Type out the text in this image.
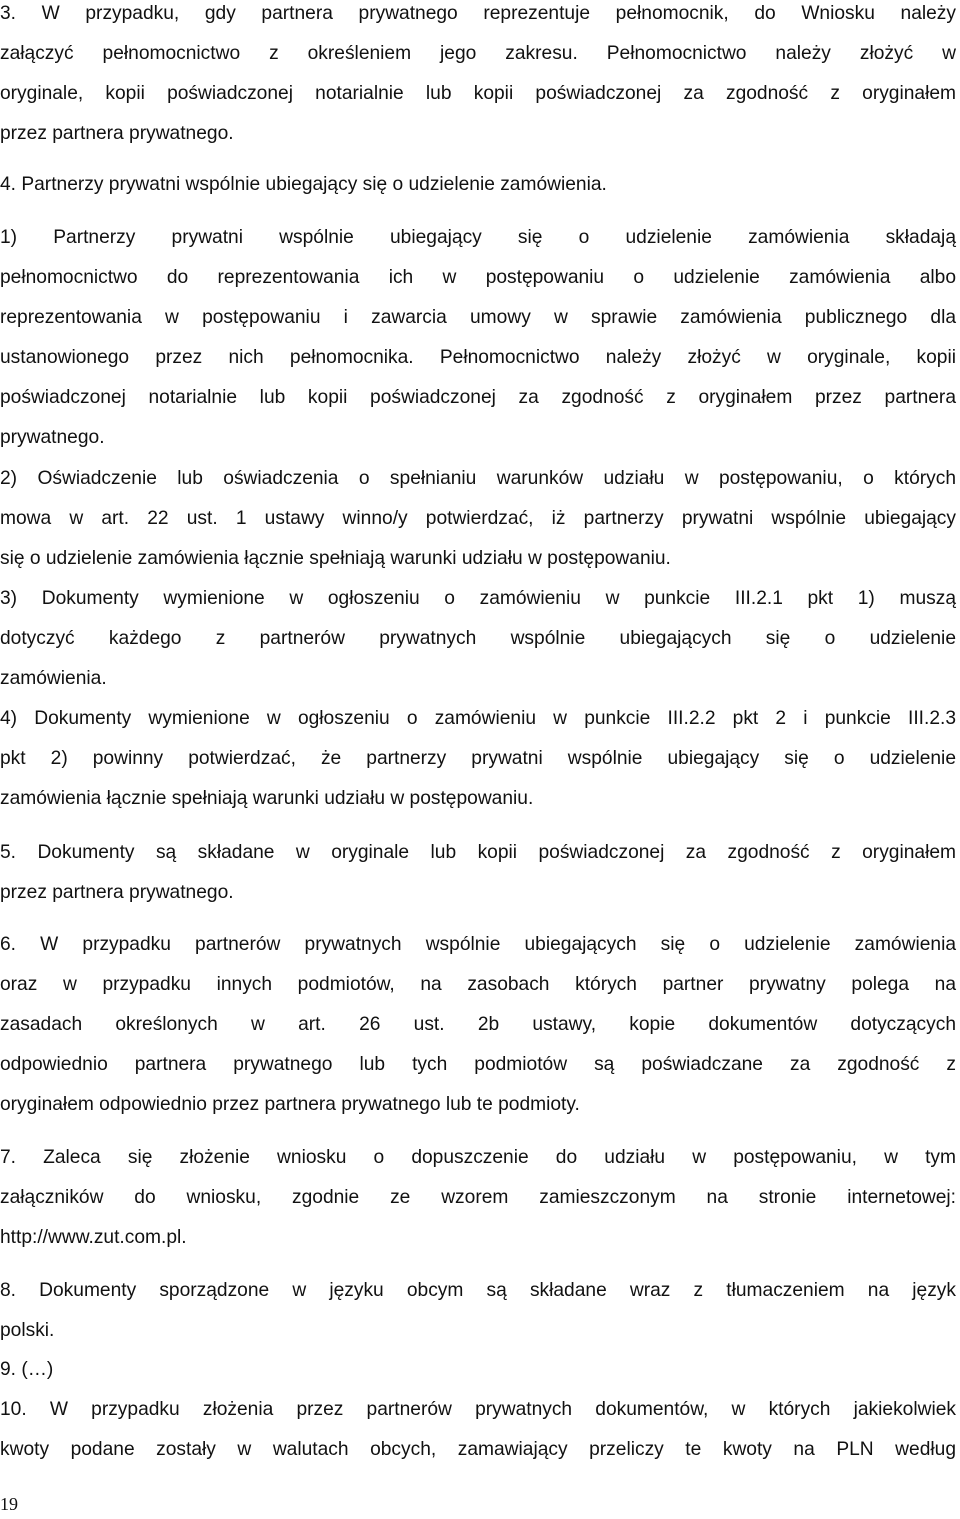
3. W przypadku, gdy partnera prywatnego reprezentuje pełnomocnik, do Wniosku należy
załączyć pełnomocnictwo z określeniem jego zakresu. Pełnomocnictwo należy złożyć w
oryginale, kopii poświadczonej notarialnie lub kopii poświadczonej za zgodność z oryginałem
przez partnera prywatnego.
4. Partnerzy prywatni wspólnie ubiegający się o udzielenie zamówienia.
1) Partnerzy prywatni wspólnie ubiegający się o udzielenie zamówienia składają
pełnomocnictwo do reprezentowania ich w postępowaniu o udzielenie zamówienia albo
reprezentowania w postępowaniu i zawarcia umowy w sprawie zamówienia publicznego dla
ustanowionego przez nich pełnomocnika. Pełnomocnictwo należy złożyć w oryginale, kopii
poświadczonej notarialnie lub kopii poświadczonej za zgodność z oryginałem przez partnera
prywatnego.
2) Oświadczenie lub oświadczenia o spełnianiu warunków udziału w postępowaniu, o których
mowa w art. 22 ust. 1 ustawy winno/y potwierdzać, iż partnerzy prywatni wspólnie ubiegający
się o udzielenie zamówienia łącznie spełniają warunki udziału w postępowaniu.
3) Dokumenty wymienione w ogłoszeniu o zamówieniu w punkcie III.2.1 pkt 1) muszą
dotyczyć każdego z partnerów prywatnych wspólnie ubiegających się o udzielenie
zamówienia.
4) Dokumenty wymienione w ogłoszeniu o zamówieniu w punkcie III.2.2 pkt 2 i punkcie III.2.3
pkt 2) powinny potwierdzać, że partnerzy prywatni wspólnie ubiegający się o udzielenie
zamówienia łącznie spełniają warunki udziału w postępowaniu.
5. Dokumenty są składane w oryginale lub kopii poświadczonej za zgodność z oryginałem
przez partnera prywatnego.
6. W przypadku partnerów prywatnych wspólnie ubiegających się o udzielenie zamówienia
oraz w przypadku innych podmiotów, na zasobach których partner prywatny polega na
zasadach określonych w art. 26 ust. 2b ustawy, kopie dokumentów dotyczących
odpowiednio partnera prywatnego lub tych podmiotów są poświadczane za zgodność z
oryginałem odpowiednio przez partnera prywatnego lub te podmioty.
7. Zaleca się złożenie wniosku o dopuszczenie do udziału w postępowaniu, w tym
załączników do wniosku, zgodnie ze wzorem zamieszczonym na stronie internetowej:
http://www.zut.com.pl.
8. Dokumenty sporządzone w języku obcym są składane wraz z tłumaczeniem na język
polski.
9. (…)
10. W przypadku złożenia przez partnerów prywatnych dokumentów, w których jakiekolwiek
kwoty podane zostały w walutach obcych, zamawiający przeliczy te kwoty na PLN według
19
